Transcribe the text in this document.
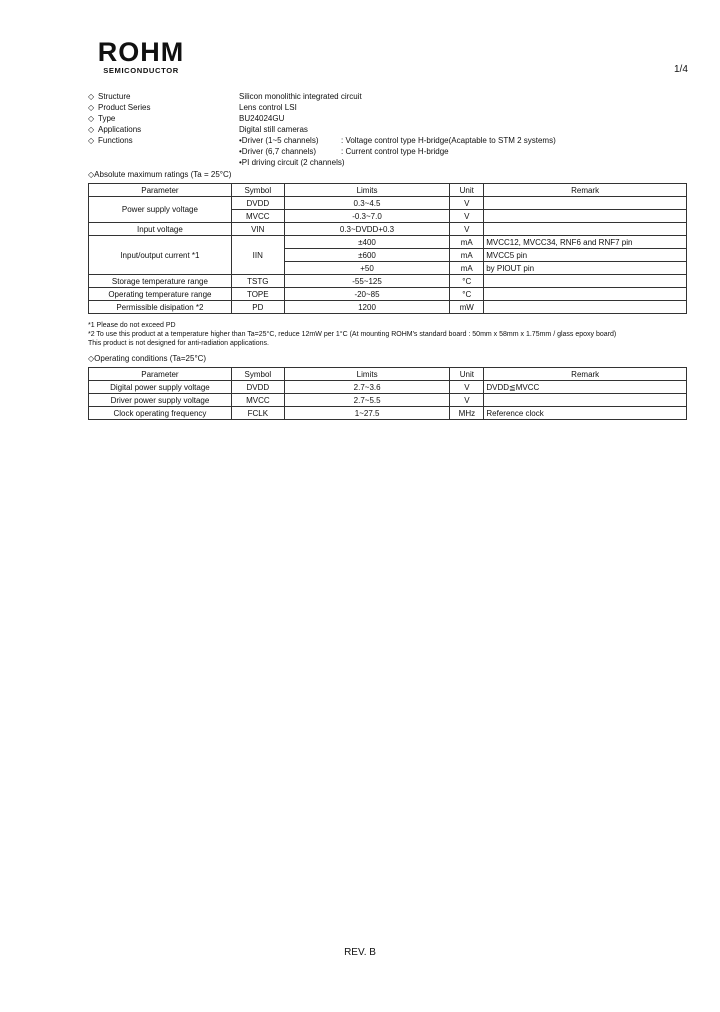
ROHM
SEMICONDUCTOR	1/4
◇ Structure	Silicon monolithic integrated circuit
◇ Product Series	Lens control LSI
◇ Type	BU24024GU
◇ Applications	Digital still cameras
◇ Functions	•Driver (1~5 channels)	: Voltage control type H-bridge(Acaptable to STM 2 systems)
•Driver (6,7 channels)	: Current control type H-bridge
•PI driving circuit (2 channels)
◇Absolute maximum ratings (Ta = 25°C)
Parameter	Symbol	Limits	Unit	Remark
Power supply voltage	DVDD	0.3~4.5	V	
	MVCC	-0.3~7.0	V	
Input voltage	VIN	0.3~DVDD+0.3	V	
Input/output current *1	IIN	±400	mA	MVCC12, MVCC34, RNF6 and RNF7 pin
		±600	mA	MVCC5 pin
		+50	mA	by PIOUT pin
Storage temperature range	TSTG	-55~125	°C	
Operating temperature range	TOPE	-20~85	°C	
Permissible disipation *2	PD	1200	mW	
*1 Please do not exceed PD
*2 To use this product at a temperature higher than Ta=25°C, reduce 12mW per 1°C (At mounting ROHM's standard board : 50mm x 58mm x 1.75mm / glass epoxy board)
This product is not designed for anti-radiation applications.
◇Operating conditions (Ta=25°C)
Parameter	Symbol	Limits	Unit	Remark
Digital power supply voltage	DVDD	2.7~3.6	V	DVDD≦MVCC
Driver power supply voltage	MVCC	2.7~5.5	V	
Clock operating frequency	FCLK	1~27.5	MHz	Reference clock
REV. B
